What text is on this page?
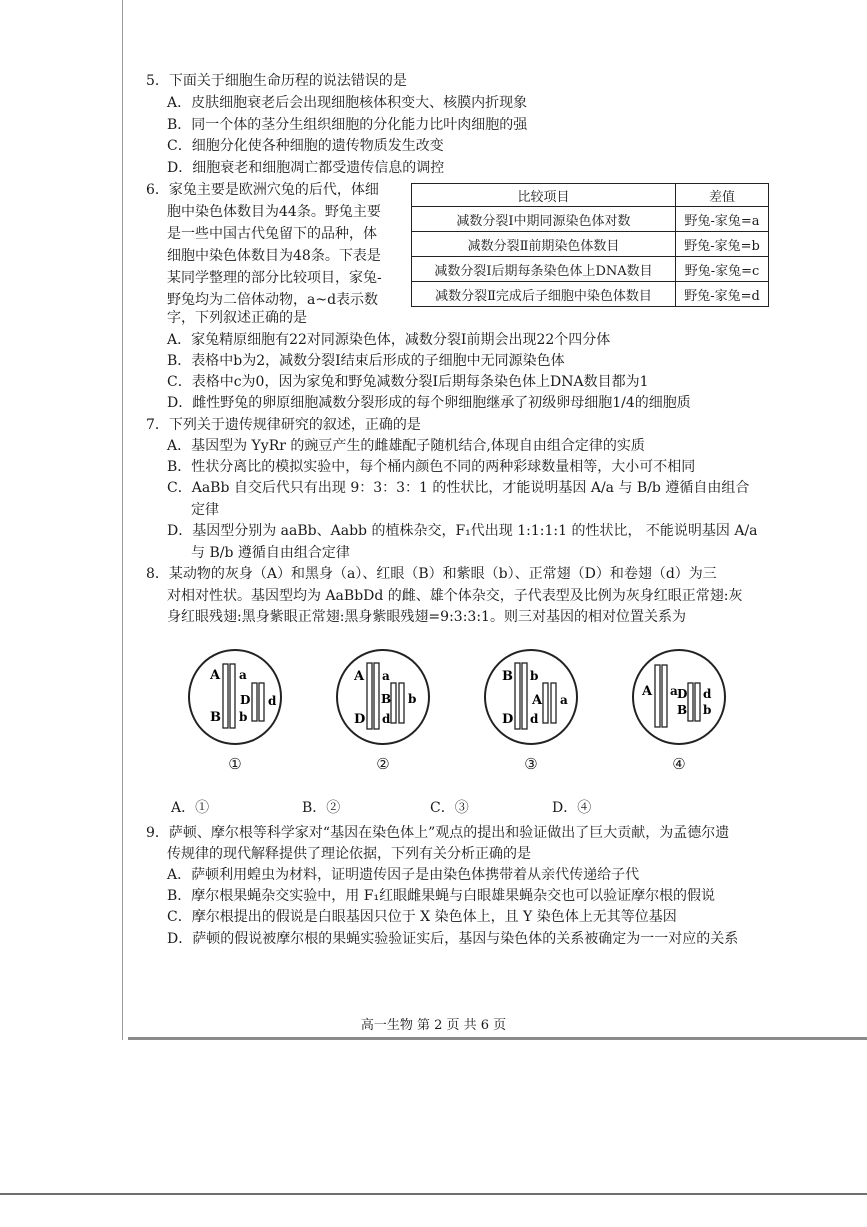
5．下面关于细胞生命历程的说法错误的是
A．皮肤细胞衰老后会出现细胞核体积变大、核膜内折现象
B．同一个体的茎分生组织细胞的分化能力比叶肉细胞的强
C．细胞分化使各种细胞的遗传物质发生改变
D．细胞衰老和细胞凋亡都受遗传信息的调控
6．家兔主要是欧洲穴兔的后代，体细
胞中染色体数目为44条。野兔主要
是一些中国古代兔留下的品种，体
细胞中染色体数目为48条。下表是
某同学整理的部分比较项目，家兔-
野兔均为二倍体动物，a~d表示数
字，下列叙述正确的是
比较项目	差值
减数分裂Ⅰ中期同源染色体对数	野兔-家兔=a
减数分裂Ⅱ前期染色体数目	野兔-家兔=b
减数分裂Ⅰ后期每条染色体上DNA数目	野兔-家兔=c
减数分裂Ⅱ完成后子细胞中染色体数目	野兔-家兔=d
A．家兔精原细胞有22对同源染色体，减数分裂I前期会出现22个四分体
B．表格中b为2，减数分裂I结束后形成的子细胞中无同源染色体
C．表格中c为0，因为家兔和野兔减数分裂I后期每条染色体上DNA数目都为1
D．雌性野兔的卵原细胞减数分裂形成的每个卵细胞继承了初级卵母细胞1/4的细胞质
7．下列关于遗传规律研究的叙述，正确的是
A．基因型为 YyRr 的豌豆产生的雌雄配子随机结合,体现自由组合定律的实质
B．性状分离比的模拟实验中，每个桶内颜色不同的两种彩球数量相等，大小可不相同
C．AaBb 自交后代只有出现 9：3：3：1 的性状比，才能说明基因 A/a 与 B/b 遵循自由组合
定律
D．基因型分别为 aaBb、Aabb 的植株杂交，F₁代出现 1:1:1:1 的性状比， 不能说明基因 A/a
与 B/b 遵循自由组合定律
8．某动物的灰身（A）和黑身（a）、红眼（B）和紫眼（b）、正常翅（D）和卷翅（d）为三
对相对性状。基因型均为 AaBbDd 的雌、雄个体杂交，子代表型及比例为灰身红眼正常翅:灰
身红眼残翅:黑身紫眼正常翅:黑身紫眼残翅=9:3:3:1。则三对基因的相对位置关系为
A
B
a
b
D d
①
A
D
a
d
B b
②
B
D
b
d
A a
③
A a D
B
d
b
④
A．①	B．②	C．③	D．④
9．萨顿、摩尔根等科学家对“基因在染色体上”观点的提出和验证做出了巨大贡献，为孟德尔遗
传规律的现代解释提供了理论依据，下列有关分析正确的是
A．萨顿利用蝗虫为材料，证明遗传因子是由染色体携带着从亲代传递给子代
B．摩尔根果蝇杂交实验中，用 F₁红眼雌果蝇与白眼雄果蝇杂交也可以验证摩尔根的假说
C．摩尔根提出的假说是白眼基因只位于 X 染色体上，且 Y 染色体上无其等位基因
D．萨顿的假说被摩尔根的果蝇实验验证实后，基因与染色体的关系被确定为一一对应的关系
高一生物 第 2 页 共 6 页
